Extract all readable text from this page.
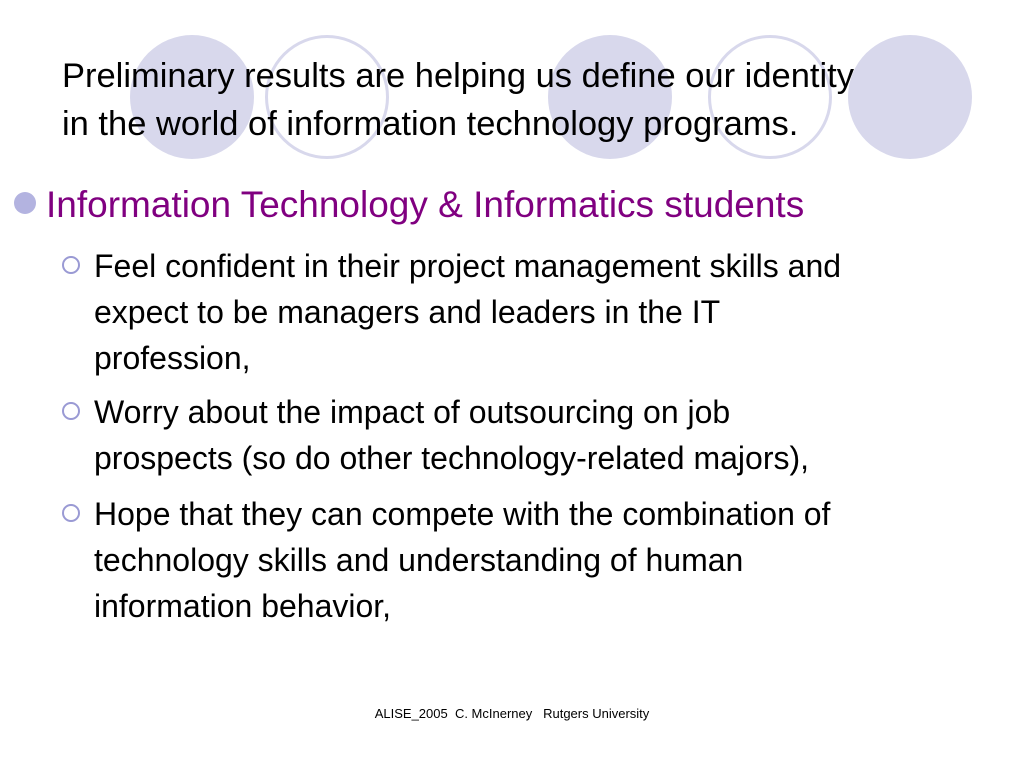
Preliminary results are helping us define our identity
in the world of information technology programs.

Information Technology & Informatics students

Feel confident in their project management skills and
expect to be managers and leaders in the IT
profession,

Worry about the impact of outsourcing on job
prospects (so do other technology-related majors),

Hope that they can compete with the combination of
technology skills and understanding of human
information behavior,

ALISE_2005  C. McInerney   Rutgers University
